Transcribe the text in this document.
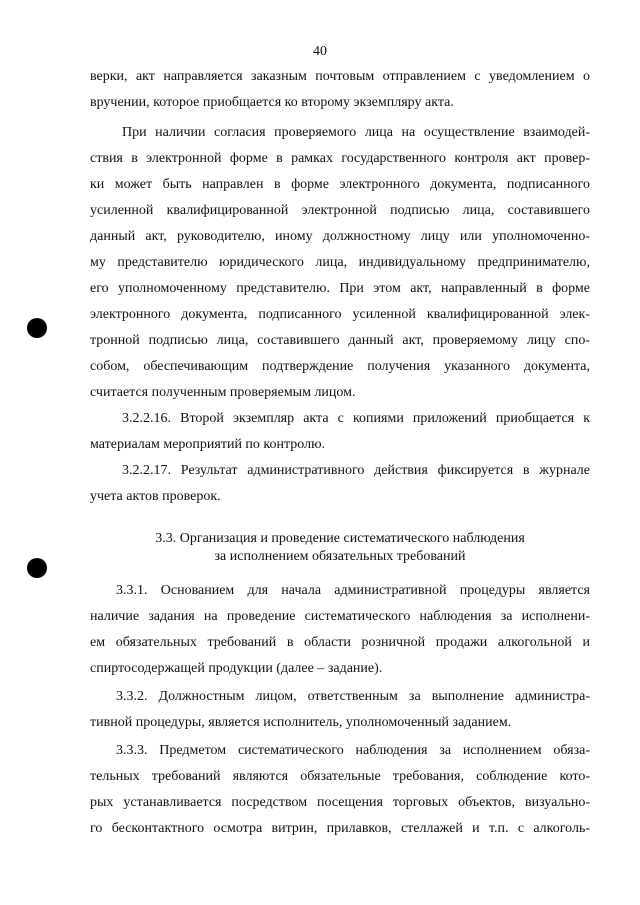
40
верки, акт направляется заказным почтовым отправлением с уведомлением о
вручении, которое приобщается ко второму экземпляру акта.
При наличии согласия проверяемого лица на осуществление взаимодей-
ствия в электронной форме в рамках государственного контроля акт провер-
ки может быть направлен в форме электронного документа, подписанного
усиленной квалифицированной электронной подписью лица, составившего
данный акт, руководителю, иному должностному лицу или уполномоченно-
му представителю юридического лица, индивидуальному предпринимателю,
его уполномоченному представителю. При этом акт, направленный в форме
электронного документа, подписанного усиленной квалифицированной элек-
тронной подписью лица, составившего данный акт, проверяемому лицу спо-
собом, обеспечивающим подтверждение получения указанного документа,
считается полученным проверяемым лицом.
3.2.2.16. Второй экземпляр акта с копиями приложений приобщается к
материалам мероприятий по контролю.
3.2.2.17. Результат административного действия фиксируется в журнале
учета актов проверок.
3.3. Организация и проведение систематического наблюдения
за исполнением обязательных требований
3.3.1. Основанием для начала административной процедуры является
наличие задания на проведение систематического наблюдения за исполнени-
ем обязательных требований в области розничной продажи алкогольной и
спиртосодержащей продукции (далее – задание).
3.3.2. Должностным лицом, ответственным за выполнение администра-
тивной процедуры, является исполнитель, уполномоченный заданием.
3.3.3. Предметом систематического наблюдения за исполнением обяза-
тельных требований являются обязательные требования, соблюдение кото-
рых устанавливается посредством посещения торговых объектов, визуально-
го бесконтактного осмотра витрин, прилавков, стеллажей и т.п. с алкоголь-
